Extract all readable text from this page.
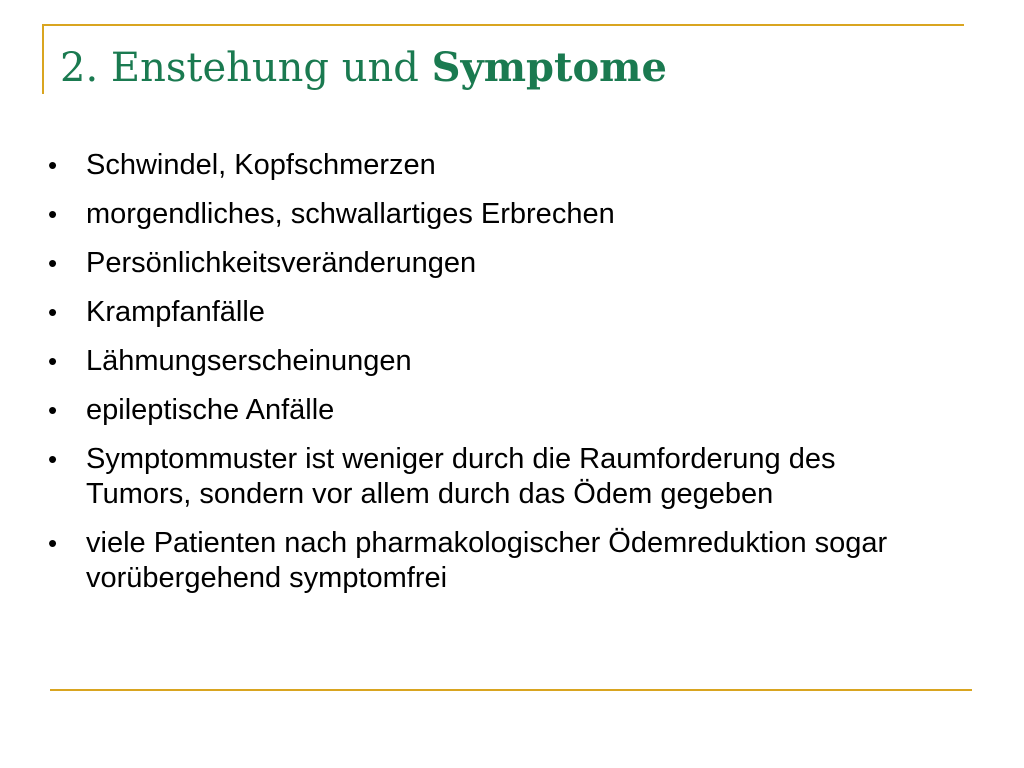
2. Enstehung und Symptome
• Schwindel, Kopfschmerzen
• morgendliches, schwallartiges Erbrechen
• Persönlichkeitsveränderungen
• Krampfanfälle
• Lähmungserscheinungen
• epileptische Anfälle
• Symptommuster ist weniger durch die Raumforderung des Tumors, sondern vor allem durch das Ödem gegeben
• viele Patienten nach pharmakologischer Ödemreduktion sogar vorübergehend symptomfrei
